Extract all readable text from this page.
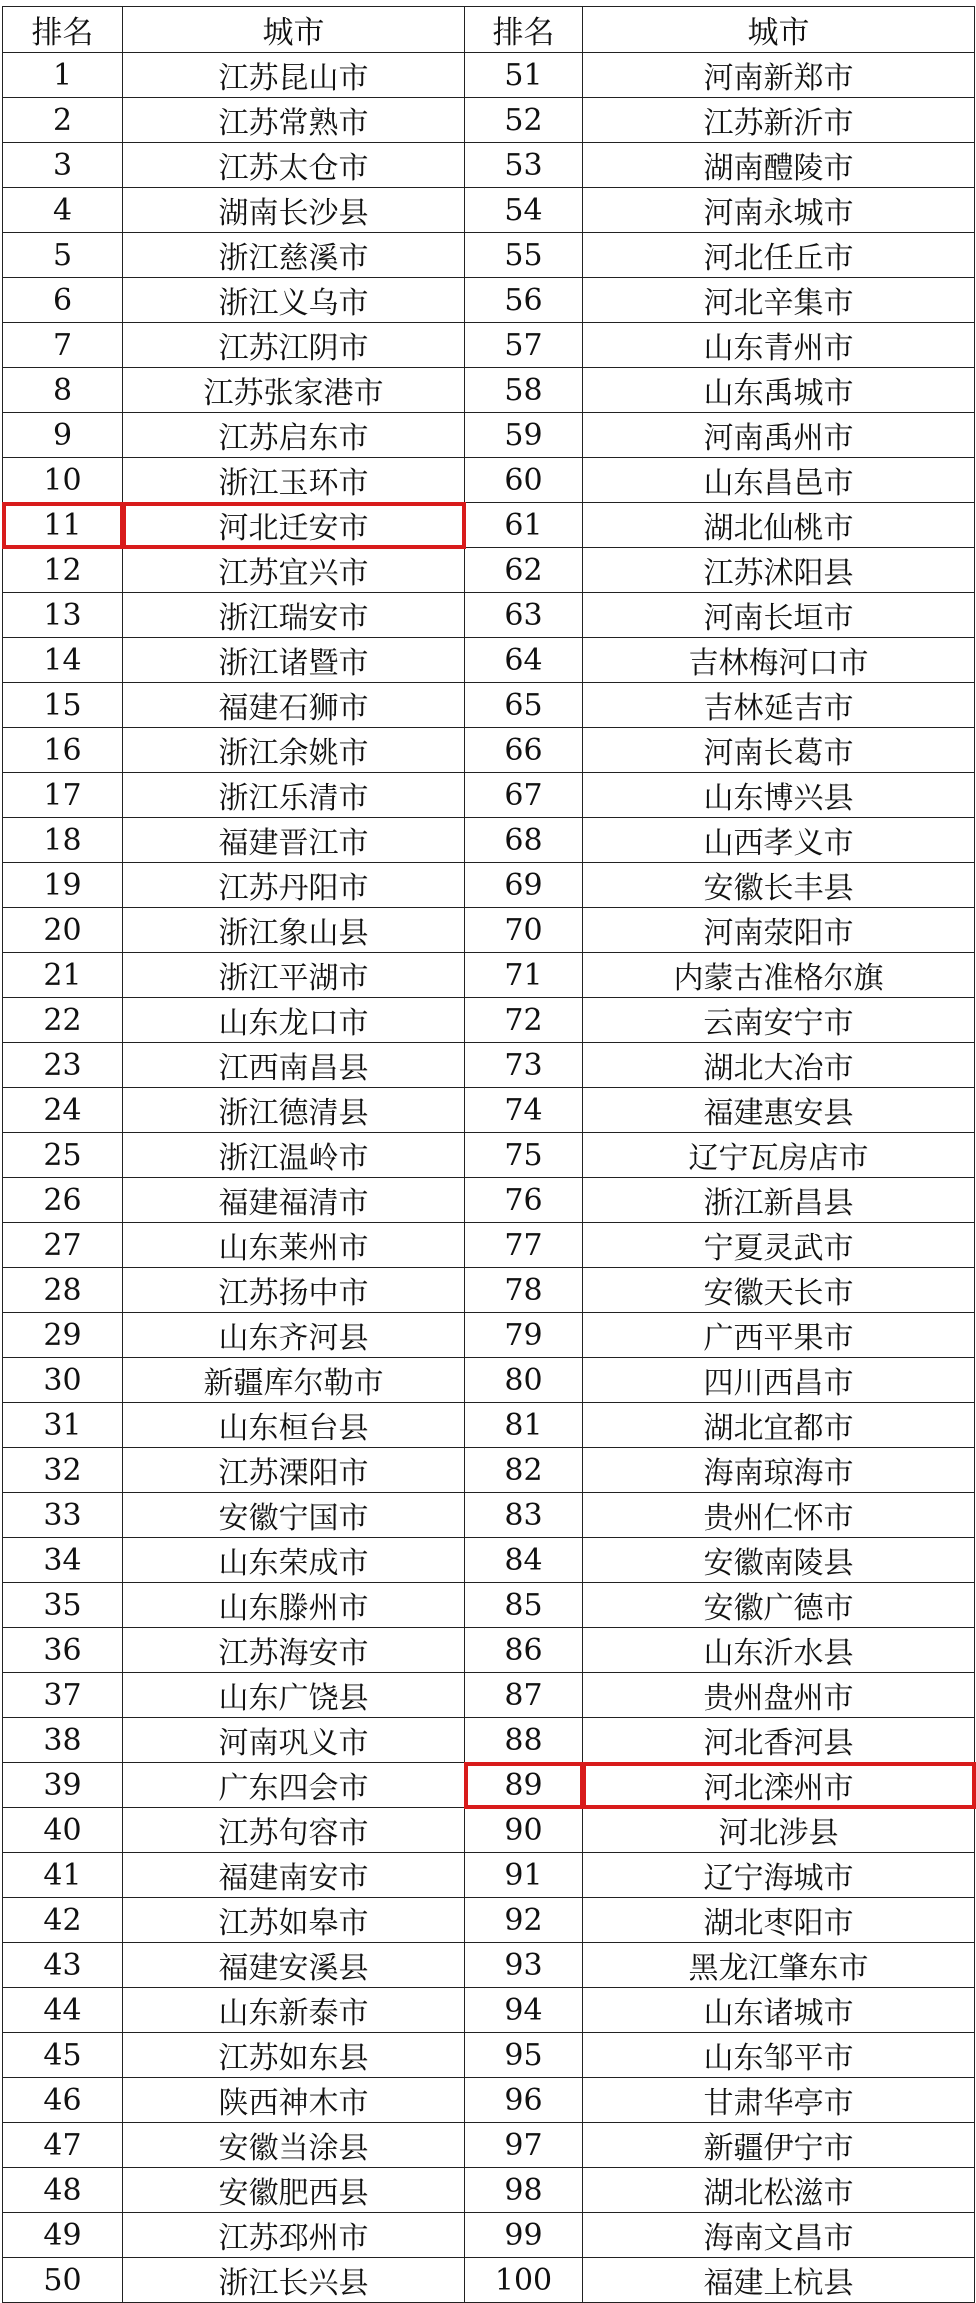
排名	城市	排名	城市
1	江苏昆山市	51	河南新郑市
2	江苏常熟市	52	江苏新沂市
3	江苏太仓市	53	湖南醴陵市
4	湖南长沙县	54	河南永城市
5	浙江慈溪市	55	河北任丘市
6	浙江义乌市	56	河北辛集市
7	江苏江阴市	57	山东青州市
8	江苏张家港市	58	山东禹城市
9	江苏启东市	59	河南禹州市
10	浙江玉环市	60	山东昌邑市
11	河北迁安市	61	湖北仙桃市
12	江苏宜兴市	62	江苏沭阳县
13	浙江瑞安市	63	河南长垣市
14	浙江诸暨市	64	吉林梅河口市
15	福建石狮市	65	吉林延吉市
16	浙江余姚市	66	河南长葛市
17	浙江乐清市	67	山东博兴县
18	福建晋江市	68	山西孝义市
19	江苏丹阳市	69	安徽长丰县
20	浙江象山县	70	河南荥阳市
21	浙江平湖市	71	内蒙古准格尔旗
22	山东龙口市	72	云南安宁市
23	江西南昌县	73	湖北大冶市
24	浙江德清县	74	福建惠安县
25	浙江温岭市	75	辽宁瓦房店市
26	福建福清市	76	浙江新昌县
27	山东莱州市	77	宁夏灵武市
28	江苏扬中市	78	安徽天长市
29	山东齐河县	79	广西平果市
30	新疆库尔勒市	80	四川西昌市
31	山东桓台县	81	湖北宜都市
32	江苏溧阳市	82	海南琼海市
33	安徽宁国市	83	贵州仁怀市
34	山东荣成市	84	安徽南陵县
35	山东滕州市	85	安徽广德市
36	江苏海安市	86	山东沂水县
37	山东广饶县	87	贵州盘州市
38	河南巩义市	88	河北香河县
39	广东四会市	89	河北滦州市
40	江苏句容市	90	河北涉县
41	福建南安市	91	辽宁海城市
42	江苏如皋市	92	湖北枣阳市
43	福建安溪县	93	黑龙江肇东市
44	山东新泰市	94	山东诸城市
45	江苏如东县	95	山东邹平市
46	陕西神木市	96	甘肃华亭市
47	安徽当涂县	97	新疆伊宁市
48	安徽肥西县	98	湖北松滋市
49	江苏邳州市	99	海南文昌市
50	浙江长兴县	100	福建上杭县
